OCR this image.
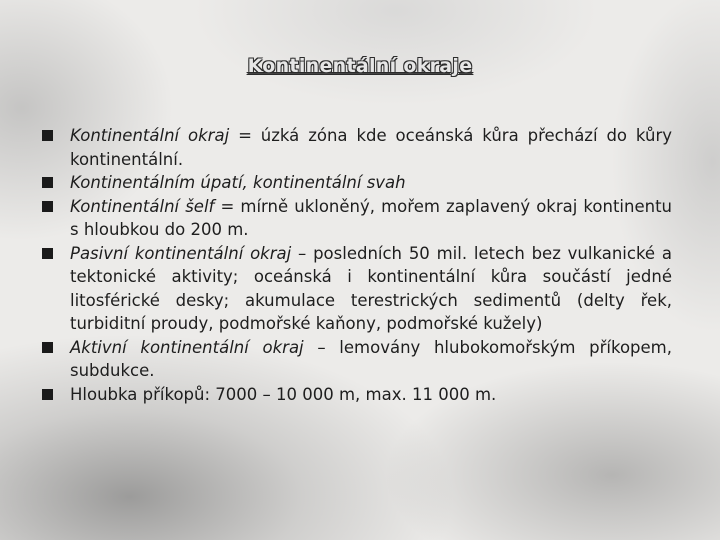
Kontinentální okraje
Kontinentální okraj = úzká zóna kde oceánská kůra přechází do kůry kontinentální.
Kontinentálním úpatí, kontinentální svah
Kontinentální šelf = mírně ukloněný, mořem zaplavený okraj kontinentu s hloubkou do 200 m.
Pasivní kontinentální okraj – posledních 50 mil. letech bez vulkanické a tektonické aktivity; oceánská i kontinentální kůra součástí jedné litosférické desky; akumulace terestrických sedimentů (delty řek, turbiditní proudy, podmořské kaňony, podmořské kužely)
Aktivní kontinentální okraj – lemovány hlubokomořským příkopem, subdukce.
Hloubka příkopů: 7000 – 10 000 m, max. 11 000 m.
